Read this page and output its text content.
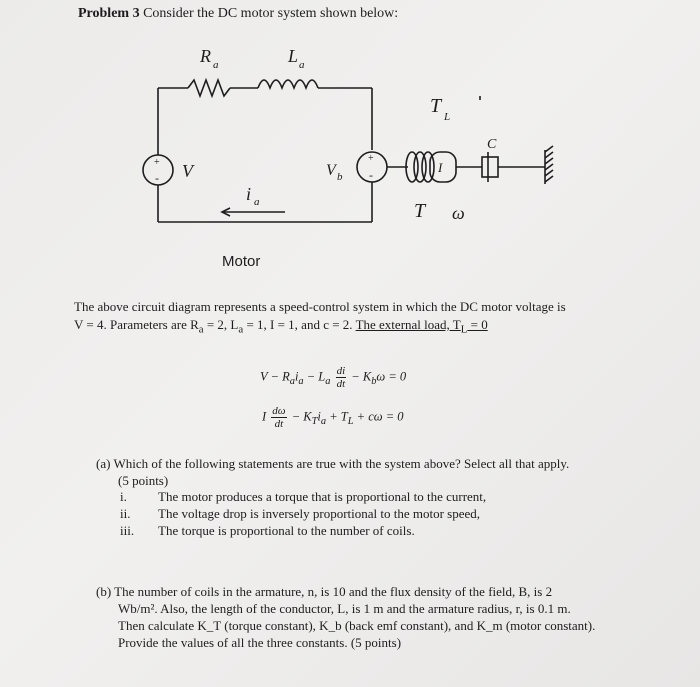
Problem 3 Consider the DC motor system shown below:
+
-
+
-
R a	L a
V	V b
i a
T L
I
C
T ω
Motor
The above circuit diagram represents a speed-control system in which the DC motor voltage is
V = 4. Parameters are $R_a = 2$, $L_a = 1$, I = 1, and c = 2. The external load, $T_L = 0$
$V - R_ai_a - L_a \frac{di}{dt} - K_b\omega = 0$
I $\frac{d\omega}{dt} - K_Ti_a + T_L + c\omega = 0$
(a) Which of the following statements are true with the system above? Select all that apply.
(5 points)
i.	The motor produces a torque that is proportional to the current,
ii.	The voltage drop is inversely proportional to the motor speed,
iii.	The torque is proportional to the number of coils.
(b) The number of coils in the armature, n, is 10 and the flux density of the field, B, is 2
Wb/m². Also, the length of the conductor, L, is 1 m and the armature radius, r, is 0.1 m.
Then calculate K_T (torque constant), K_b (back emf constant), and K_m (motor constant).
Provide the values of all the three constants. (5 points)
